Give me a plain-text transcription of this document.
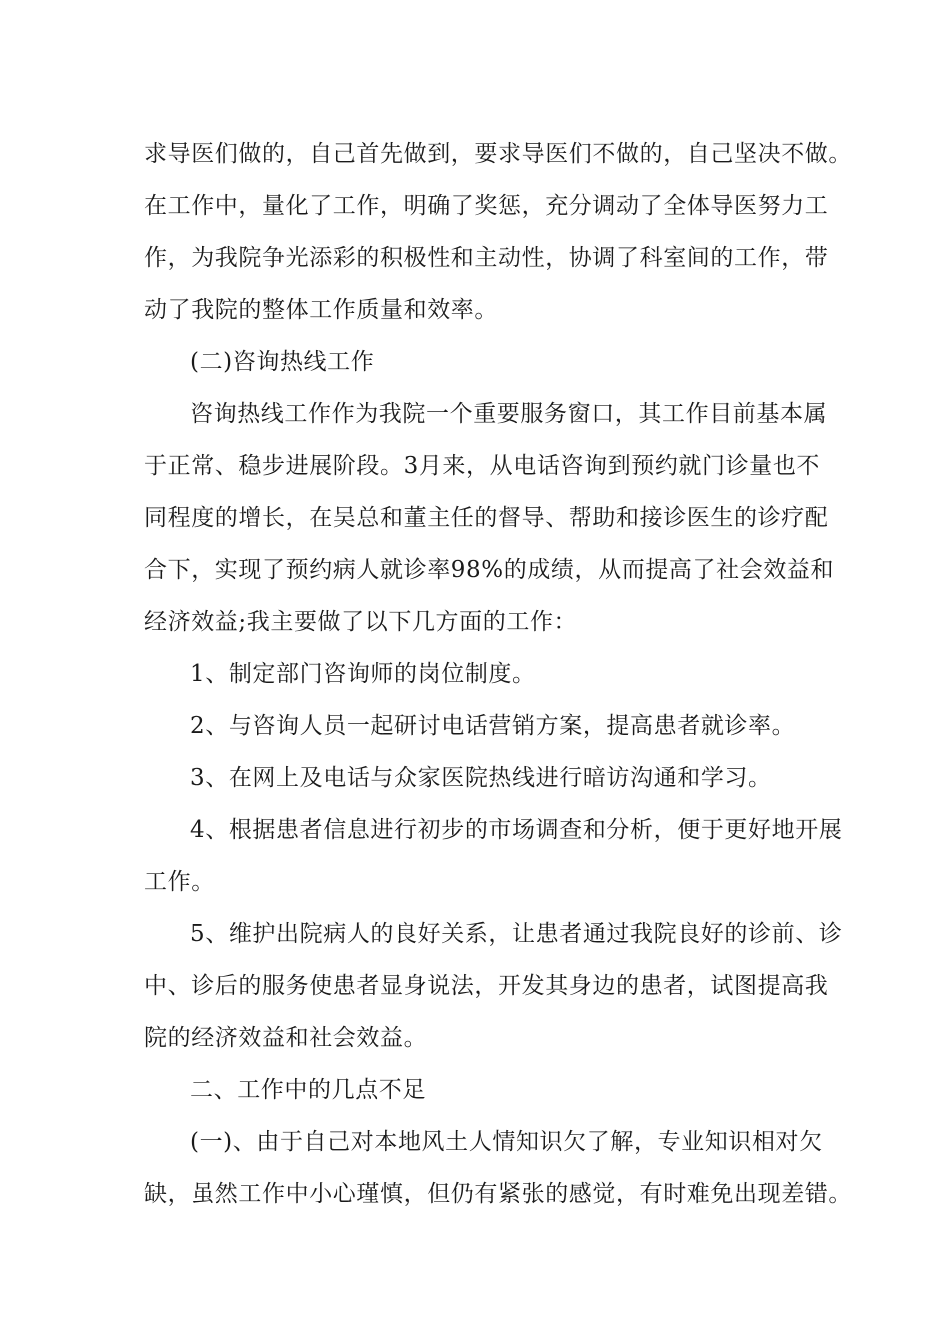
求导医们做的，自己首先做到，要求导医们不做的，自己坚决不做。
在工作中，量化了工作，明确了奖惩，充分调动了全体导医努力工
作，为我院争光添彩的积极性和主动性，协调了科室间的工作，带
动了我院的整体工作质量和效率。
(二)咨询热线工作
咨询热线工作作为我院一个重要服务窗口，其工作目前基本属
于正常、稳步进展阶段。3月来，从电话咨询到预约就门诊量也不
同程度的增长，在吴总和董主任的督导、帮助和接诊医生的诊疗配
合下，实现了预约病人就诊率98%的成绩，从而提高了社会效益和
经济效益;我主要做了以下几方面的工作：
1、制定部门咨询师的岗位制度。
2、与咨询人员一起研讨电话营销方案，提高患者就诊率。
3、在网上及电话与众家医院热线进行暗访沟通和学习。
4、根据患者信息进行初步的市场调查和分析，便于更好地开展
工作。
5、维护出院病人的良好关系，让患者通过我院良好的诊前、诊
中、诊后的服务使患者显身说法，开发其身边的患者，试图提高我
院的经济效益和社会效益。
二、工作中的几点不足
(一)、由于自己对本地风土人情知识欠了解，专业知识相对欠
缺，虽然工作中小心瑾慎，但仍有紧张的感觉，有时难免出现差错。
